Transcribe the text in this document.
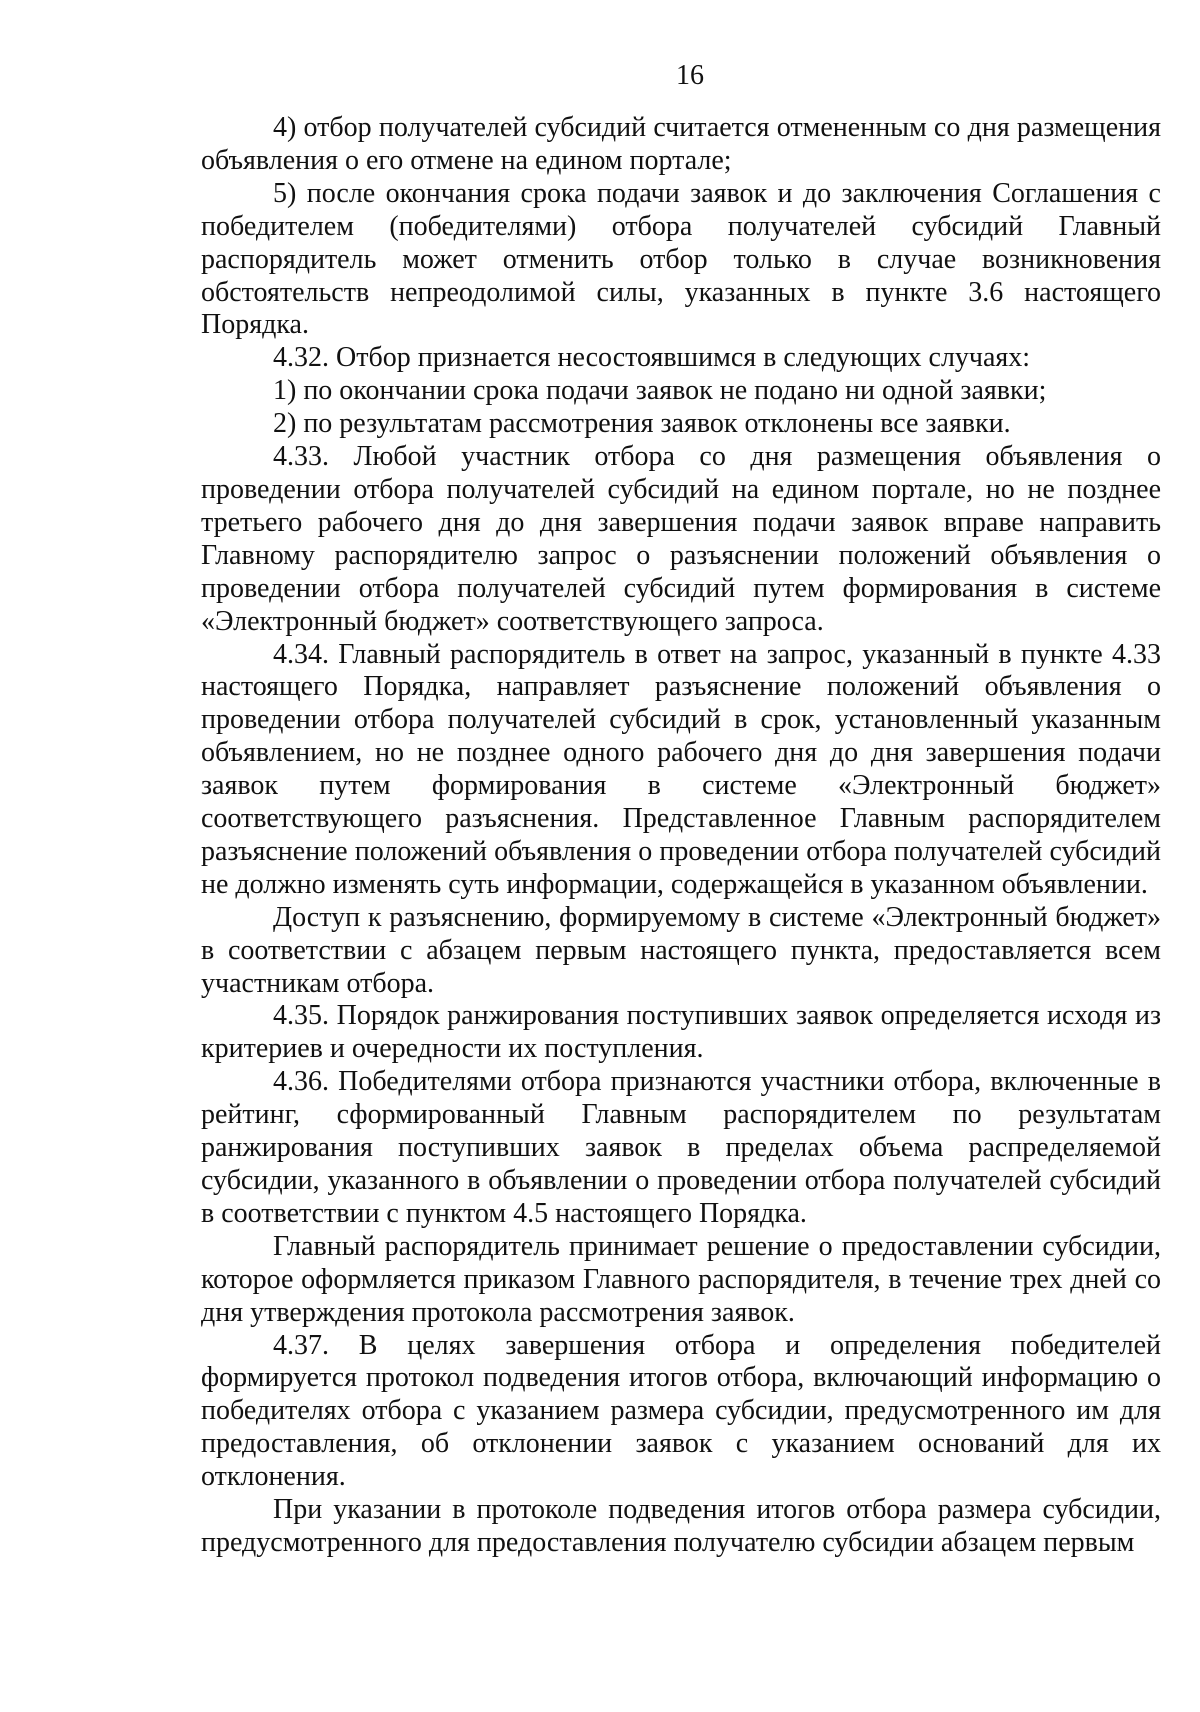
16

4) отбор получателей субсидий считается отмененным со дня размещения объявления о его отмене на едином портале;

5) после окончания срока подачи заявок и до заключения Соглашения с победителем (победителями) отбора получателей субсидий Главный распорядитель может отменить отбор только в случае возникновения обстоятельств непреодолимой силы, указанных в пункте 3.6 настоящего Порядка.

4.32. Отбор признается несостоявшимся в следующих случаях:

1) по окончании срока подачи заявок не подано ни одной заявки;

2) по результатам рассмотрения заявок отклонены все заявки.

4.33. Любой участник отбора со дня размещения объявления о проведении отбора получателей субсидий на едином портале, но не позднее третьего рабочего дня до дня завершения подачи заявок вправе направить Главному распорядителю запрос о разъяснении положений объявления о проведении отбора получателей субсидий путем формирования в системе «Электронный бюджет» соответствующего запроса.

4.34. Главный распорядитель в ответ на запрос, указанный в пункте 4.33 настоящего Порядка, направляет разъяснение положений объявления о проведении отбора получателей субсидий в срок, установленный указанным объявлением, но не позднее одного рабочего дня до дня завершения подачи заявок путем формирования в системе «Электронный бюджет» соответствующего разъяснения. Представленное Главным распорядителем разъяснение положений объявления о проведении отбора получателей субсидий не должно изменять суть информации, содержащейся в указанном объявлении.

Доступ к разъяснению, формируемому в системе «Электронный бюджет» в соответствии с абзацем первым настоящего пункта, предоставляется всем участникам отбора.

4.35. Порядок ранжирования поступивших заявок определяется исходя из критериев и очередности их поступления.

4.36. Победителями отбора признаются участники отбора, включенные в рейтинг, сформированный Главным распорядителем по результатам ранжирования поступивших заявок в пределах объема распределяемой субсидии, указанного в объявлении о проведении отбора получателей субсидий в соответствии с пунктом 4.5 настоящего Порядка.

Главный распорядитель принимает решение о предоставлении субсидии, которое оформляется приказом Главного распорядителя, в течение трех дней со дня утверждения протокола рассмотрения заявок.

4.37. В целях завершения отбора и определения победителей формируется протокол подведения итогов отбора, включающий информацию о победителях отбора с указанием размера субсидии, предусмотренного им для предоставления, об отклонении заявок с указанием оснований для их отклонения.

При указании в протоколе подведения итогов отбора размера субсидии, предусмотренного для предоставления получателю субсидии абзацем первым
